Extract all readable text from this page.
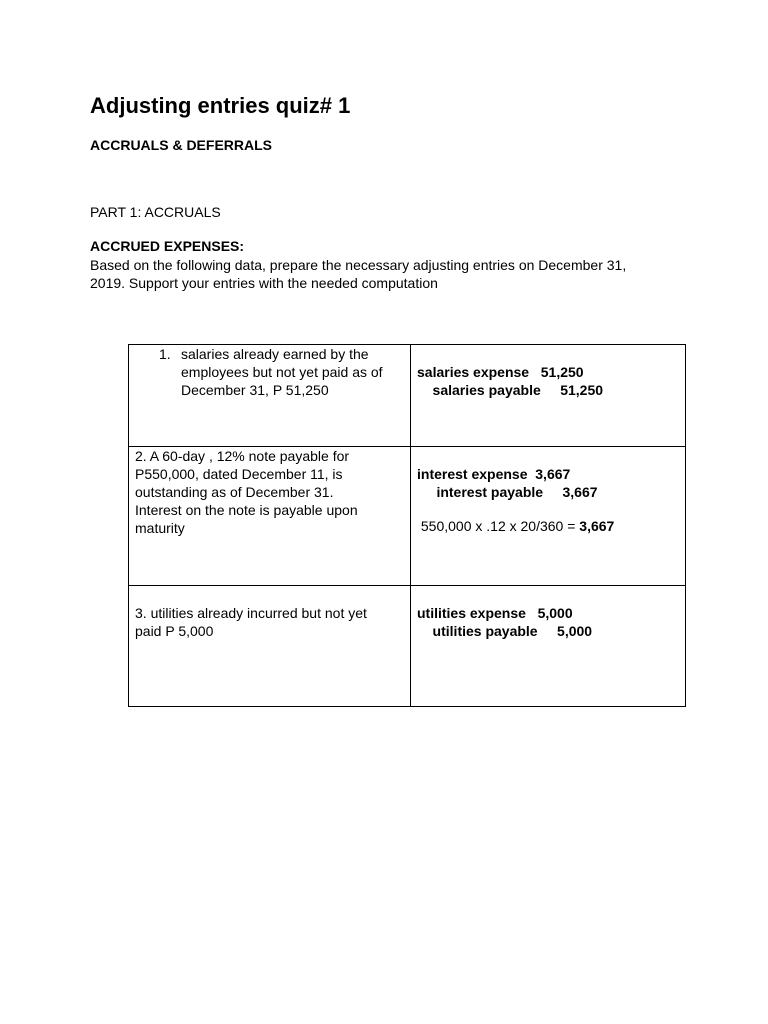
Adjusting entries quiz# 1
ACCRUALS & DEFERRALS
PART 1: ACCRUALS
ACCRUED EXPENSES:
Based on the following data, prepare the necessary adjusting entries on December 31,
2019. Support your entries with the needed computation
1. salaries already earned by the
employees but not yet paid as of
December 31, P 51,250	salaries expense   51,250
salaries payable     51,250

2. A 60-day , 12% note payable for
P550,000, dated December 11, is
outstanding as of December 31.
Interest on the note is payable upon
maturity	interest expense  3,667
interest payable     3,667
550,000 x .12 x 20/360 = 3,667

3. utilities already incurred but not yet
paid P 5,000	utilities expense   5,000
utilities payable     5,000
